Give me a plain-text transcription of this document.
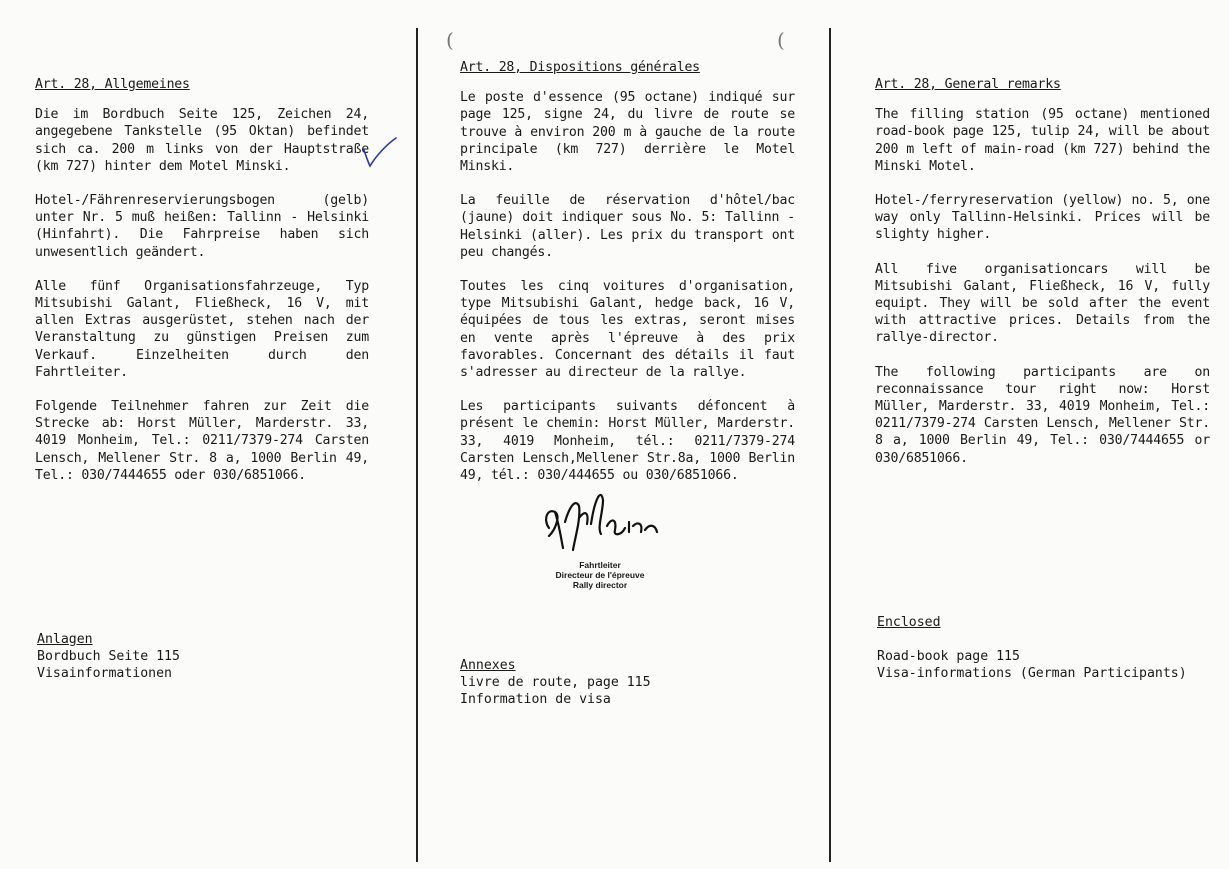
(	(
Art. 28, Allgemeines

Die im Bordbuch Seite 125, Zeichen 24, angegebene Tankstelle (95 Oktan) befindet sich ca. 200 m links von der Hauptstraße (km 727) hinter dem Motel Minski.

Hotel-/Fährenreservierungsbogen (gelb) unter Nr. 5 muß heißen: Tallinn - Helsinki (Hinfahrt). Die Fahrpreise haben sich unwesentlich geändert.

Alle fünf Organisationsfahrzeuge, Typ Mitsubishi Galant, Fließheck, 16 V, mit allen Extras ausgerüstet, stehen nach der Veranstaltung zu günstigen Preisen zum Verkauf. Einzelheiten durch den Fahrtleiter.

Folgende Teilnehmer fahren zur Zeit die Strecke ab: Horst Müller, Marderstr. 33, 4019 Monheim, Tel.: 0211/7379-274 Carsten Lensch, Mellener Str. 8 a, 1000 Berlin 49, Tel.: 030/7444655 oder 030/6851066.

Anlagen
Bordbuch Seite 115
Visainformationen
Art. 28, Dispositions générales

Le poste d'essence (95 octane) indiqué sur page 125, signe 24, du livre de route se trouve à environ 200 m à gauche de la route principale (km 727) derrière le Motel Minski.

La feuille de réservation d'hôtel/bac (jaune) doit indiquer sous No. 5: Tallinn - Helsinki (aller). Les prix du transport ont peu changés.

Toutes les cinq voitures d'organisation, type Mitsubishi Galant, hedge back, 16 V, équipées de tous les extras, seront mises en vente après l'épreuve à des prix favorables. Concernant des détails il faut s'adresser au directeur de la rallye.

Les participants suivants défoncent à présent le chemin: Horst Müller, Marderstr. 33, 4019 Monheim, tél.: 0211/7379-274 Carsten Lensch,Mellener Str.8a, 1000 Berlin 49, tél.: 030/444655 ou 030/6851066.

Fahrtleiter
Directeur de l'épreuve
Rally director
Annexes
livre de route, page 115
Information de visa
Art. 28, General remarks

The filling station (95 octane) mentioned road-book page 125, tulip 24, will be about 200 m left of main-road (km 727) behind the Minski Motel.

Hotel-/ferryreservation (yellow) no. 5, one way only Tallinn-Helsinki. Prices will be slighty higher.

All five organisationcars will be Mitsubishi Galant, Fließheck, 16 V, fully equipt. They will be sold after the event with attractive prices. Details from the rallye-director.

The following participants are on reconnaissance tour right now: Horst Müller, Marderstr. 33, 4019 Monheim, Tel.: 0211/7379-274 Carsten Lensch, Mellener Str. 8 a, 1000 Berlin 49, Tel.: 030/7444655 or 030/6851066.

Enclosed
Road-book page 115
Visa-informations (German Participants)
